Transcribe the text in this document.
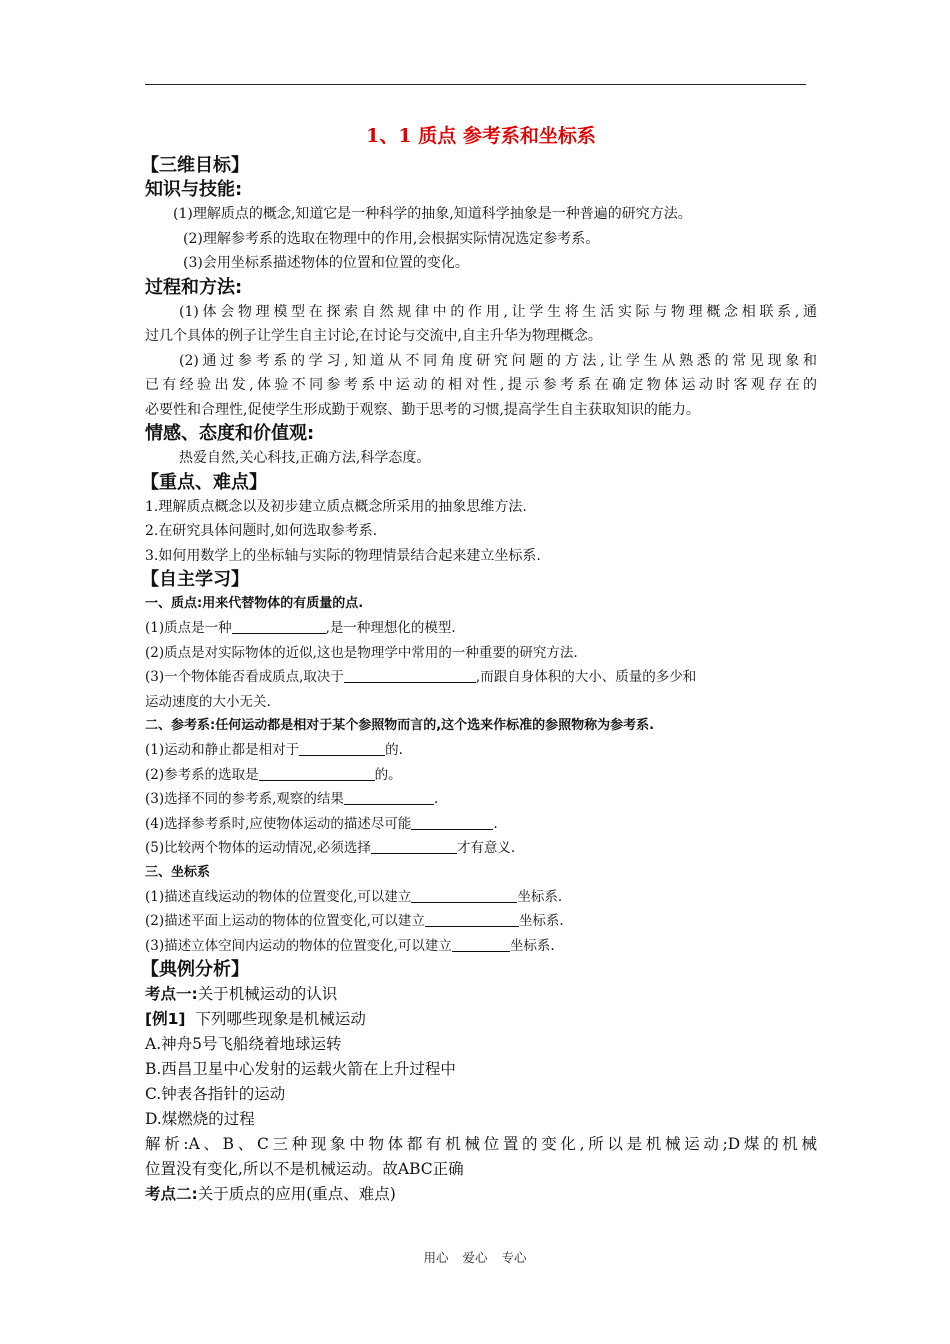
1、1 质点 参考系和坐标系
【三维目标】
知识与技能:

(1)理解质点的概念,知道它是一种科学的抽象,知道科学抽象是一种普遍的研究方法。

(2)理解参考系的选取在物理中的作用,会根据实际情况选定参考系。

(3)会用坐标系描述物体的位置和位置的变化。

过程和方法:

(1)体会物理模型在探索自然规律中的作用,让学生将生活实际与物理概念相联系,通

过几个具体的例子让学生自主讨论,在讨论与交流中,自主升华为物理概念。

(2)通过参考系的学习,知道从不同角度研究问题的方法,让学生从熟悉的常见现象和

已有经验出发,体验不同参考系中运动的相对性,提示参考系在确定物体运动时客观存在的

必要性和合理性,促使学生形成勤于观察、勤于思考的习惯,提高学生自主获取知识的能力。

情感、态度和价值观:

热爱自然,关心科技,正确方法,科学态度。

【重点、难点】

1.理解质点概念以及初步建立质点概念所采用的抽象思维方法.

2.在研究具体问题时,如何选取参考系.

3.如何用数学上的坐标轴与实际的物理情景结合起来建立坐标系.

【自主学习】
一、质点:用来代替物体的有质量的点.

(1)质点是一种	,是一种理想化的模型.

(2)质点是对实际物体的近似,这也是物理学中常用的一种重要的研究方法.

(3)一个物体能否看成质点,取决于	,而跟自身体积的大小、质量的多少和

运动速度的大小无关.

二、参考系:任何运动都是相对于某个参照物而言的,这个选来作标准的参照物称为参考系.

(1)运动和静止都是相对于	的.

(2)参考系的选取是	的。

(3)选择不同的参考系,观察的结果	.

(4)选择参考系时,应使物体运动的描述尽可能	.

(5)比较两个物体的运动情况,必须选择	才有意义.

三、坐标系

(1)描述直线运动的物体的位置变化,可以建立	坐标系.

(2)描述平面上运动的物体的位置变化,可以建立	坐标系.

(3)描述立体空间内运动的物体的位置变化,可以建立	坐标系.

【典例分析】

考点一:关于机械运动的认识

[例1] 下列哪些现象是机械运动

A.神舟5号飞船绕着地球运转

B.西昌卫星中心发射的运载火箭在上升过程中

C.钟表各指针的运动

D.煤燃烧的过程

解析:A、B、C三种现象中物体都有机械位置的变化,所以是机械运动;D煤的机械

位置没有变化,所以不是机械运动。故ABC正确

考点二:关于质点的应用(重点、难点)

用心 爱心 专心
